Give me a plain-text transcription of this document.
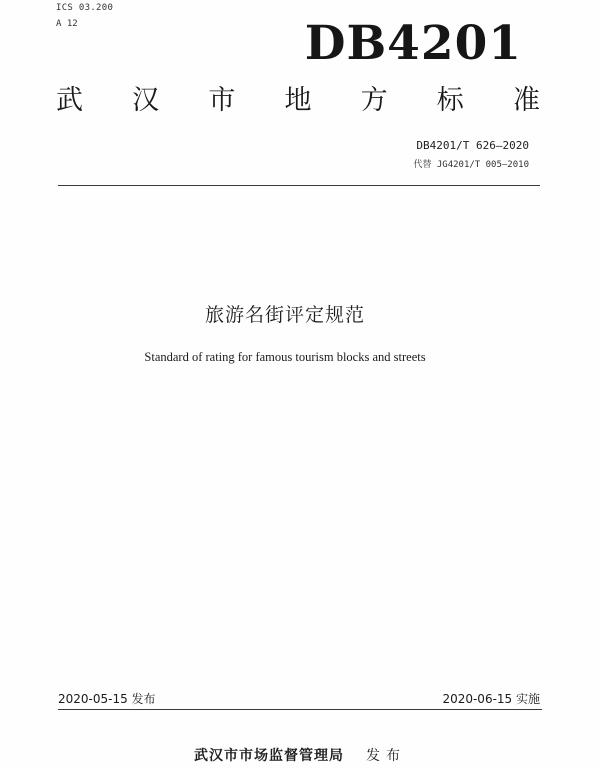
ICS 03.200
A 12	DB4201
武 汉 市 地 方 标 准
DB4201/T 626—2020
代替 JG4201/T 005—2010
旅游名街评定规范
Standard of rating for famous tourism blocks and streets
2020-05-15 发布	2020-06-15 实施
武汉市市场监督管理局 发布
